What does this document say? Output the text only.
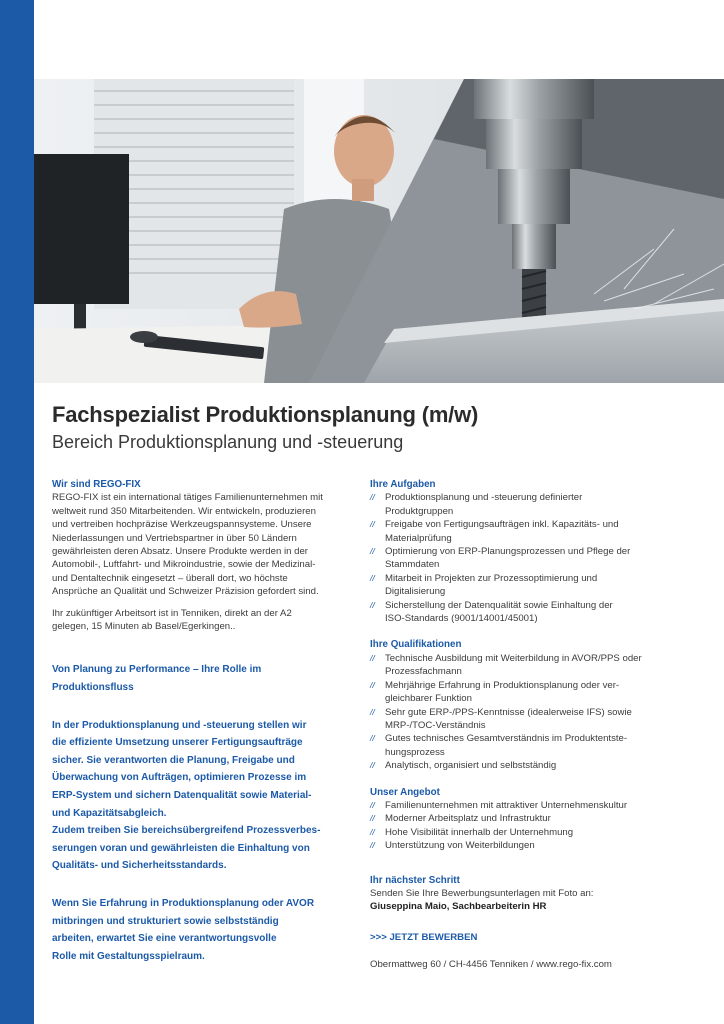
Fachspezialist Produktionsplanung (m/w)
Bereich Produktionsplanung und -steuerung
Wir sind REGO-FIX
REGO-FIX ist ein international tätiges Familienunternehmen mit
weltweit rund 350 Mitarbeitenden. Wir entwickeln, produzieren
und vertreiben hochpräzise Werkzeugspannsysteme. Unsere
Niederlassungen und Vertriebspartner in über 50 Ländern
gewährleisten deren Absatz. Unsere Produkte werden in der
Automobil-, Luftfahrt- und Mikroindustrie, sowie der Medizinal-
und Dentaltechnik eingesetzt – überall dort, wo höchste
Ansprüche an Qualität und Schweizer Präzision gefordert sind.
Ihr zukünftiger Arbeitsort ist in Tenniken, direkt an der A2
gelegen, 15 Minuten ab Basel/Egerkingen..
Von Planung zu Performance – Ihre Rolle im
Produktionsfluss
In der Produktionsplanung und -steuerung stellen wir
die effiziente Umsetzung unserer Fertigungsaufträge
sicher. Sie verantworten die Planung, Freigabe und
Überwachung von Aufträgen, optimieren Prozesse im
ERP-System und sichern Datenqualität sowie Material-
und Kapazitätsabgleich.
Zudem treiben Sie bereichsübergreifend Prozessverbes-
serungen voran und gewährleisten die Einhaltung von
Qualitäts- und Sicherheitsstandards.
Wenn Sie Erfahrung in Produktionsplanung oder AVOR
mitbringen und strukturiert sowie selbstständig
arbeiten, erwartet Sie eine verantwortungsvolle
Rolle mit Gestaltungsspielraum.
Ihre Aufgaben
// Produktionsplanung und -steuerung definierter
Produktgruppen
// Freigabe von Fertigungsaufträgen inkl. Kapazitäts- und
Materialprüfung
// Optimierung von ERP-Planungsprozessen und Pflege der
Stammdaten
// Mitarbeit in Projekten zur Prozessoptimierung und
Digitalisierung
// Sicherstellung der Datenqualität sowie Einhaltung der
ISO-Standards (9001/14001/45001)
Ihre Qualifikationen
// Technische Ausbildung mit Weiterbildung in AVOR/PPS oder
Prozessfachmann
// Mehrjährige Erfahrung in Produktionsplanung oder ver-
gleichbarer Funktion
// Sehr gute ERP-/PPS-Kenntnisse (idealerweise IFS) sowie
MRP-/TOC-Verständnis
// Gutes technisches Gesamtverständnis im Produktentste-
hungsprozess
// Analytisch, organisiert und selbstständig
Unser Angebot
// Familienunternehmen mit attraktiver Unternehmenskultur
// Moderner Arbeitsplatz und Infrastruktur
// Hohe Visibilität innerhalb der Unternehmung
// Unterstützung von Weiterbildungen
Ihr nächster Schritt
Senden Sie Ihre Bewerbungsunterlagen mit Foto an:
Giuseppina Maio, Sachbearbeiterin HR
>>> JETZT BEWERBEN
Obermattweg 60 / CH-4456 Tenniken / www.rego-fix.com
